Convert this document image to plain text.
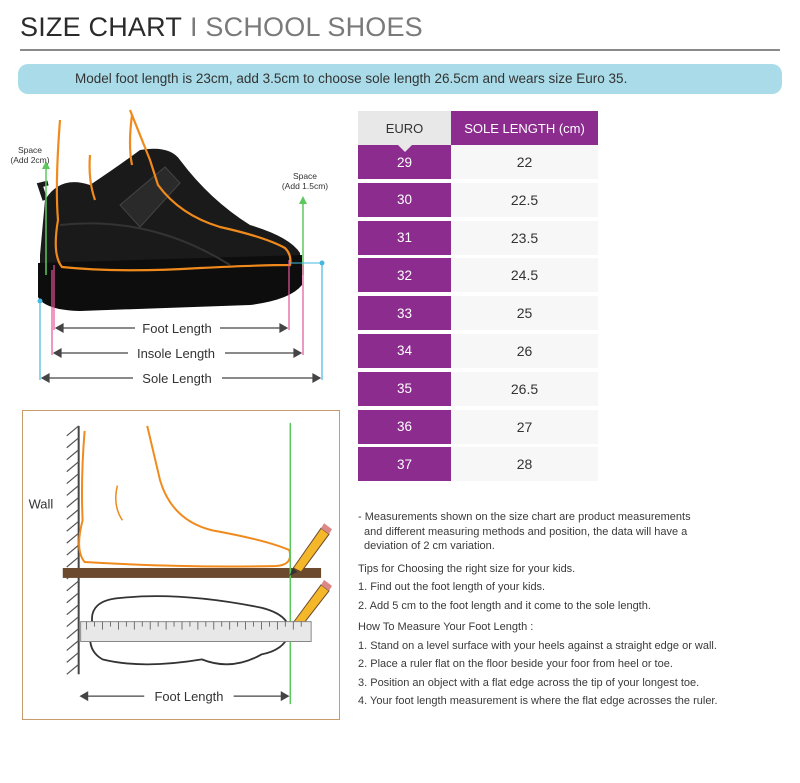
SIZE CHART I SCHOOL SHOES
Model foot length is 23cm, add 3.5cm to choose sole length 26.5cm and wears size Euro 35.
Space
(Add 2cm)
Space
(Add 1.5cm)
Foot Length
Insole Length
Sole Length
Wall
Foot Length
EURO	SOLE LENGTH (cm)
29	22
30	22.5
31	23.5
32	24.5
33	25
34	26
35	26.5
36	27
37	28

- Measurements shown on the size chart are product measurements

and different measuring methods and position, the data will have a

deviation of 2 cm variation.

Tips for Choosing the right size for your kids.
1. Find out the foot length of your kids.
2. Add 5 cm to the foot length and it come to the sole length.
How To Measure Your Foot Length :
1. Stand on a level surface with your heels against a straight edge or wall.
2. Place a ruler flat on the floor beside your foor from heel or toe.
3. Position an object with a flat edge across the tip of your longest toe.
4. Your foot length measurement is where the flat edge acrosses the ruler.
